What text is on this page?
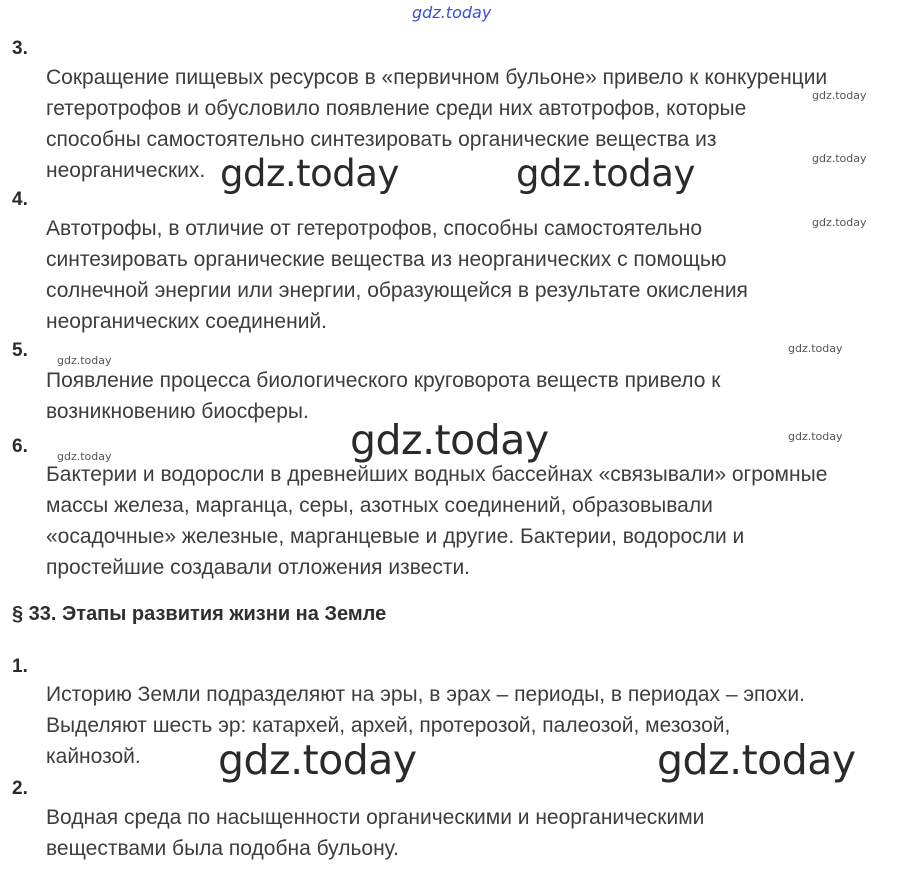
gdz.today
3.
Сокращение пищевых ресурсов в «первичном бульоне» привело к конкуренции
гетеротрофов и обусловило появление среди них автотрофов, которые
способны самостоятельно синтезировать органические вещества из
неорганических.
4.
Автотрофы, в отличие от гетеротрофов, способны самостоятельно
синтезировать органические вещества из неорганических с помощью
солнечной энергии или энергии, образующейся в результате окисления
неорганических соединений.
5.
Появление процесса биологического круговорота веществ привело к
возникновению биосферы.
6.
Бактерии и водоросли в древнейших водных бассейнах «связывали» огромные
массы железа, марганца, серы, азотных соединений, образовывали
«осадочные» железные, марганцевые и другие. Бактерии, водоросли и
простейшие создавали отложения извести.
§ 33. Этапы развития жизни на Земле
1.
Историю Земли подразделяют на эры, в эрах – периоды, в периодах – эпохи.
Выделяют шесть эр: катархей, архей, протерозой, палеозой, мезозой,
кайнозой.
2.
Водная среда по насыщенности органическими и неорганическими
веществами была подобна бульону.
gdz.today	gdz.today
gdz.today
gdz.today	gdz.today
gdz.today
gdz.today
gdz.today
gdz.today
gdz.today
gdz.today
gdz.today
